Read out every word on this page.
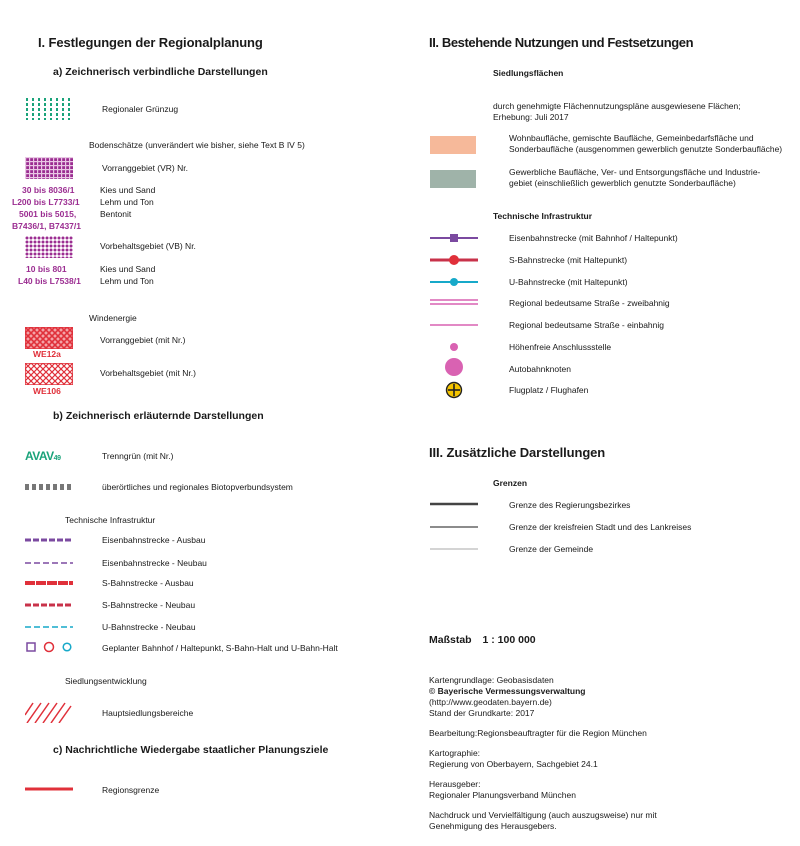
I. Festlegungen der Regionalplanung
a) Zeichnerisch verbindliche Darstellungen
Regionaler Grünzug
Bodenschätze (unverändert wie bisher, siehe Text B IV 5)
Vorranggebiet (VR) Nr.
30 bis 8036/1
L200 bis L7733/1
5001 bis 5015,
B7436/1, B7437/1
Kies und Sand
Lehm und Ton
Bentonit
Vorbehaltsgebiet (VB) Nr.
10 bis 801
L40 bis L7538/1
Kies und Sand
Lehm und Ton
Windenergie
Vorranggebiet (mit Nr.)
WE12a
Vorbehaltsgebiet (mit Nr.)
WE106
b) Zeichnerisch erläuternde Darstellungen
AVAV49	Trenngrün (mit Nr.)
überörtliches und regionales Biotopverbundsystem
Technische Infrastruktur
Eisenbahnstrecke - Ausbau
Eisenbahnstrecke - Neubau
S-Bahnstrecke - Ausbau
S-Bahnstrecke - Neubau
U-Bahnstrecke - Neubau
Geplanter Bahnhof / Haltepunkt, S-Bahn-Halt und U-Bahn-Halt
Siedlungsentwicklung
Hauptsiedlungsbereiche
c) Nachrichtliche Wiedergabe staatlicher Planungsziele
Regionsgrenze
II. Bestehende Nutzungen und Festsetzungen
Siedlungsflächen
durch genehmigte Flächennutzungspläne ausgewiesene Flächen;
Erhebung: Juli 2017
Wohnbaufläche, gemischte Baufläche, Gemeinbedarfsfläche und
Sonderbaufläche (ausgenommen gewerblich genutzte Sonderbaufläche)
Gewerbliche Baufläche, Ver- und Entsorgungsfläche und Industrie-
gebiet (einschließlich gewerblich genutzte Sonderbaufläche)
Technische Infrastruktur
Eisenbahnstrecke (mit Bahnhof / Haltepunkt)
S-Bahnstrecke (mit Haltepunkt)
U-Bahnstrecke (mit Haltepunkt)
Regional bedeutsame Straße - zweibahnig
Regional bedeutsame Straße - einbahnig
Höhenfreie Anschlussstelle
Autobahnknoten
Flugplatz / Flughafen
III. Zusätzliche Darstellungen
Grenzen
Grenze des Regierungsbezirkes
Grenze der kreisfreien Stadt und des Lankreises
Grenze der Gemeinde
Maßstab 1 : 100 000
Kartengrundlage: Geobasisdaten
© Bayerische Vermessungsverwaltung
(http://www.geodaten.bayern.de)
Stand der Grundkarte: 2017
Bearbeitung:Regionsbeauftragter für die Region München
Kartographie:
Regierung von Oberbayern, Sachgebiet 24.1
Herausgeber:
Regionaler Planungsverband München
Nachdruck und Vervielfältigung (auch auszugsweise) nur mit
Genehmigung des Herausgebers.
